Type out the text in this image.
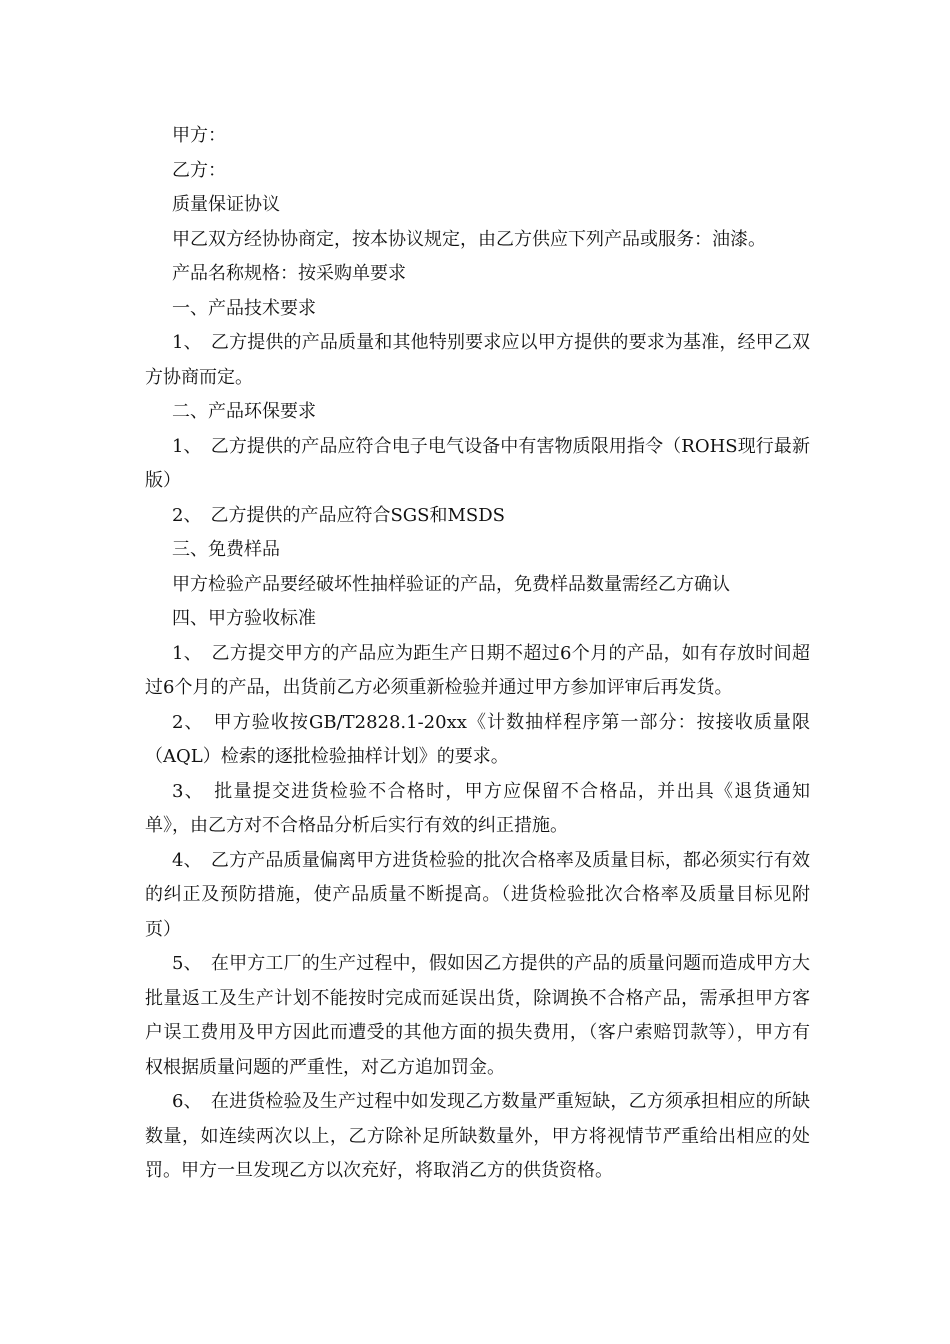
甲方：

乙方：

质量保证协议

甲乙双方经协协商定，按本协议规定，由乙方供应下列产品或服务：油漆。

产品名称规格：按采购单要求

一、产品技术要求

1、　乙方提供的产品质量和其他特别要求应以甲方提供的要求为基准，经甲乙双方协商而定。

二、产品环保要求

1、　乙方提供的产品应符合电子电气设备中有害物质限用指令（ROHS现行最新版）

2、　乙方提供的产品应符合SGS和MSDS

三、免费样品

甲方检验产品要经破坏性抽样验证的产品，免费样品数量需经乙方确认

四、甲方验收标准

1、　乙方提交甲方的产品应为距生产日期不超过6个月的产品，如有存放时间超过6个月的产品，出货前乙方必须重新检验并通过甲方参加评审后再发货。

2、　甲方验收按GB/T2828.1-20xx《计数抽样程序第一部分：按接收质量限（AQL）检索的逐批检验抽样计划》的要求。

3、　批量提交进货检验不合格时，甲方应保留不合格品，并出具《退货通知单》，由乙方对不合格品分析后实行有效的纠正措施。

4、　乙方产品质量偏离甲方进货检验的批次合格率及质量目标，都必须实行有效的纠正及预防措施，使产品质量不断提高。（进货检验批次合格率及质量目标见附页）

5、　在甲方工厂的生产过程中，假如因乙方提供的产品的质量问题而造成甲方大批量返工及生产计划不能按时完成而延误出货，除调换不合格产品，需承担甲方客户误工费用及甲方因此而遭受的其他方面的损失费用，（客户索赔罚款等），甲方有权根据质量问题的严重性，对乙方追加罚金。

6、　在进货检验及生产过程中如发现乙方数量严重短缺，乙方须承担相应的所缺数量，如连续两次以上，乙方除补足所缺数量外，甲方将视情节严重给出相应的处罚。甲方一旦发现乙方以次充好，将取消乙方的供货资格。
